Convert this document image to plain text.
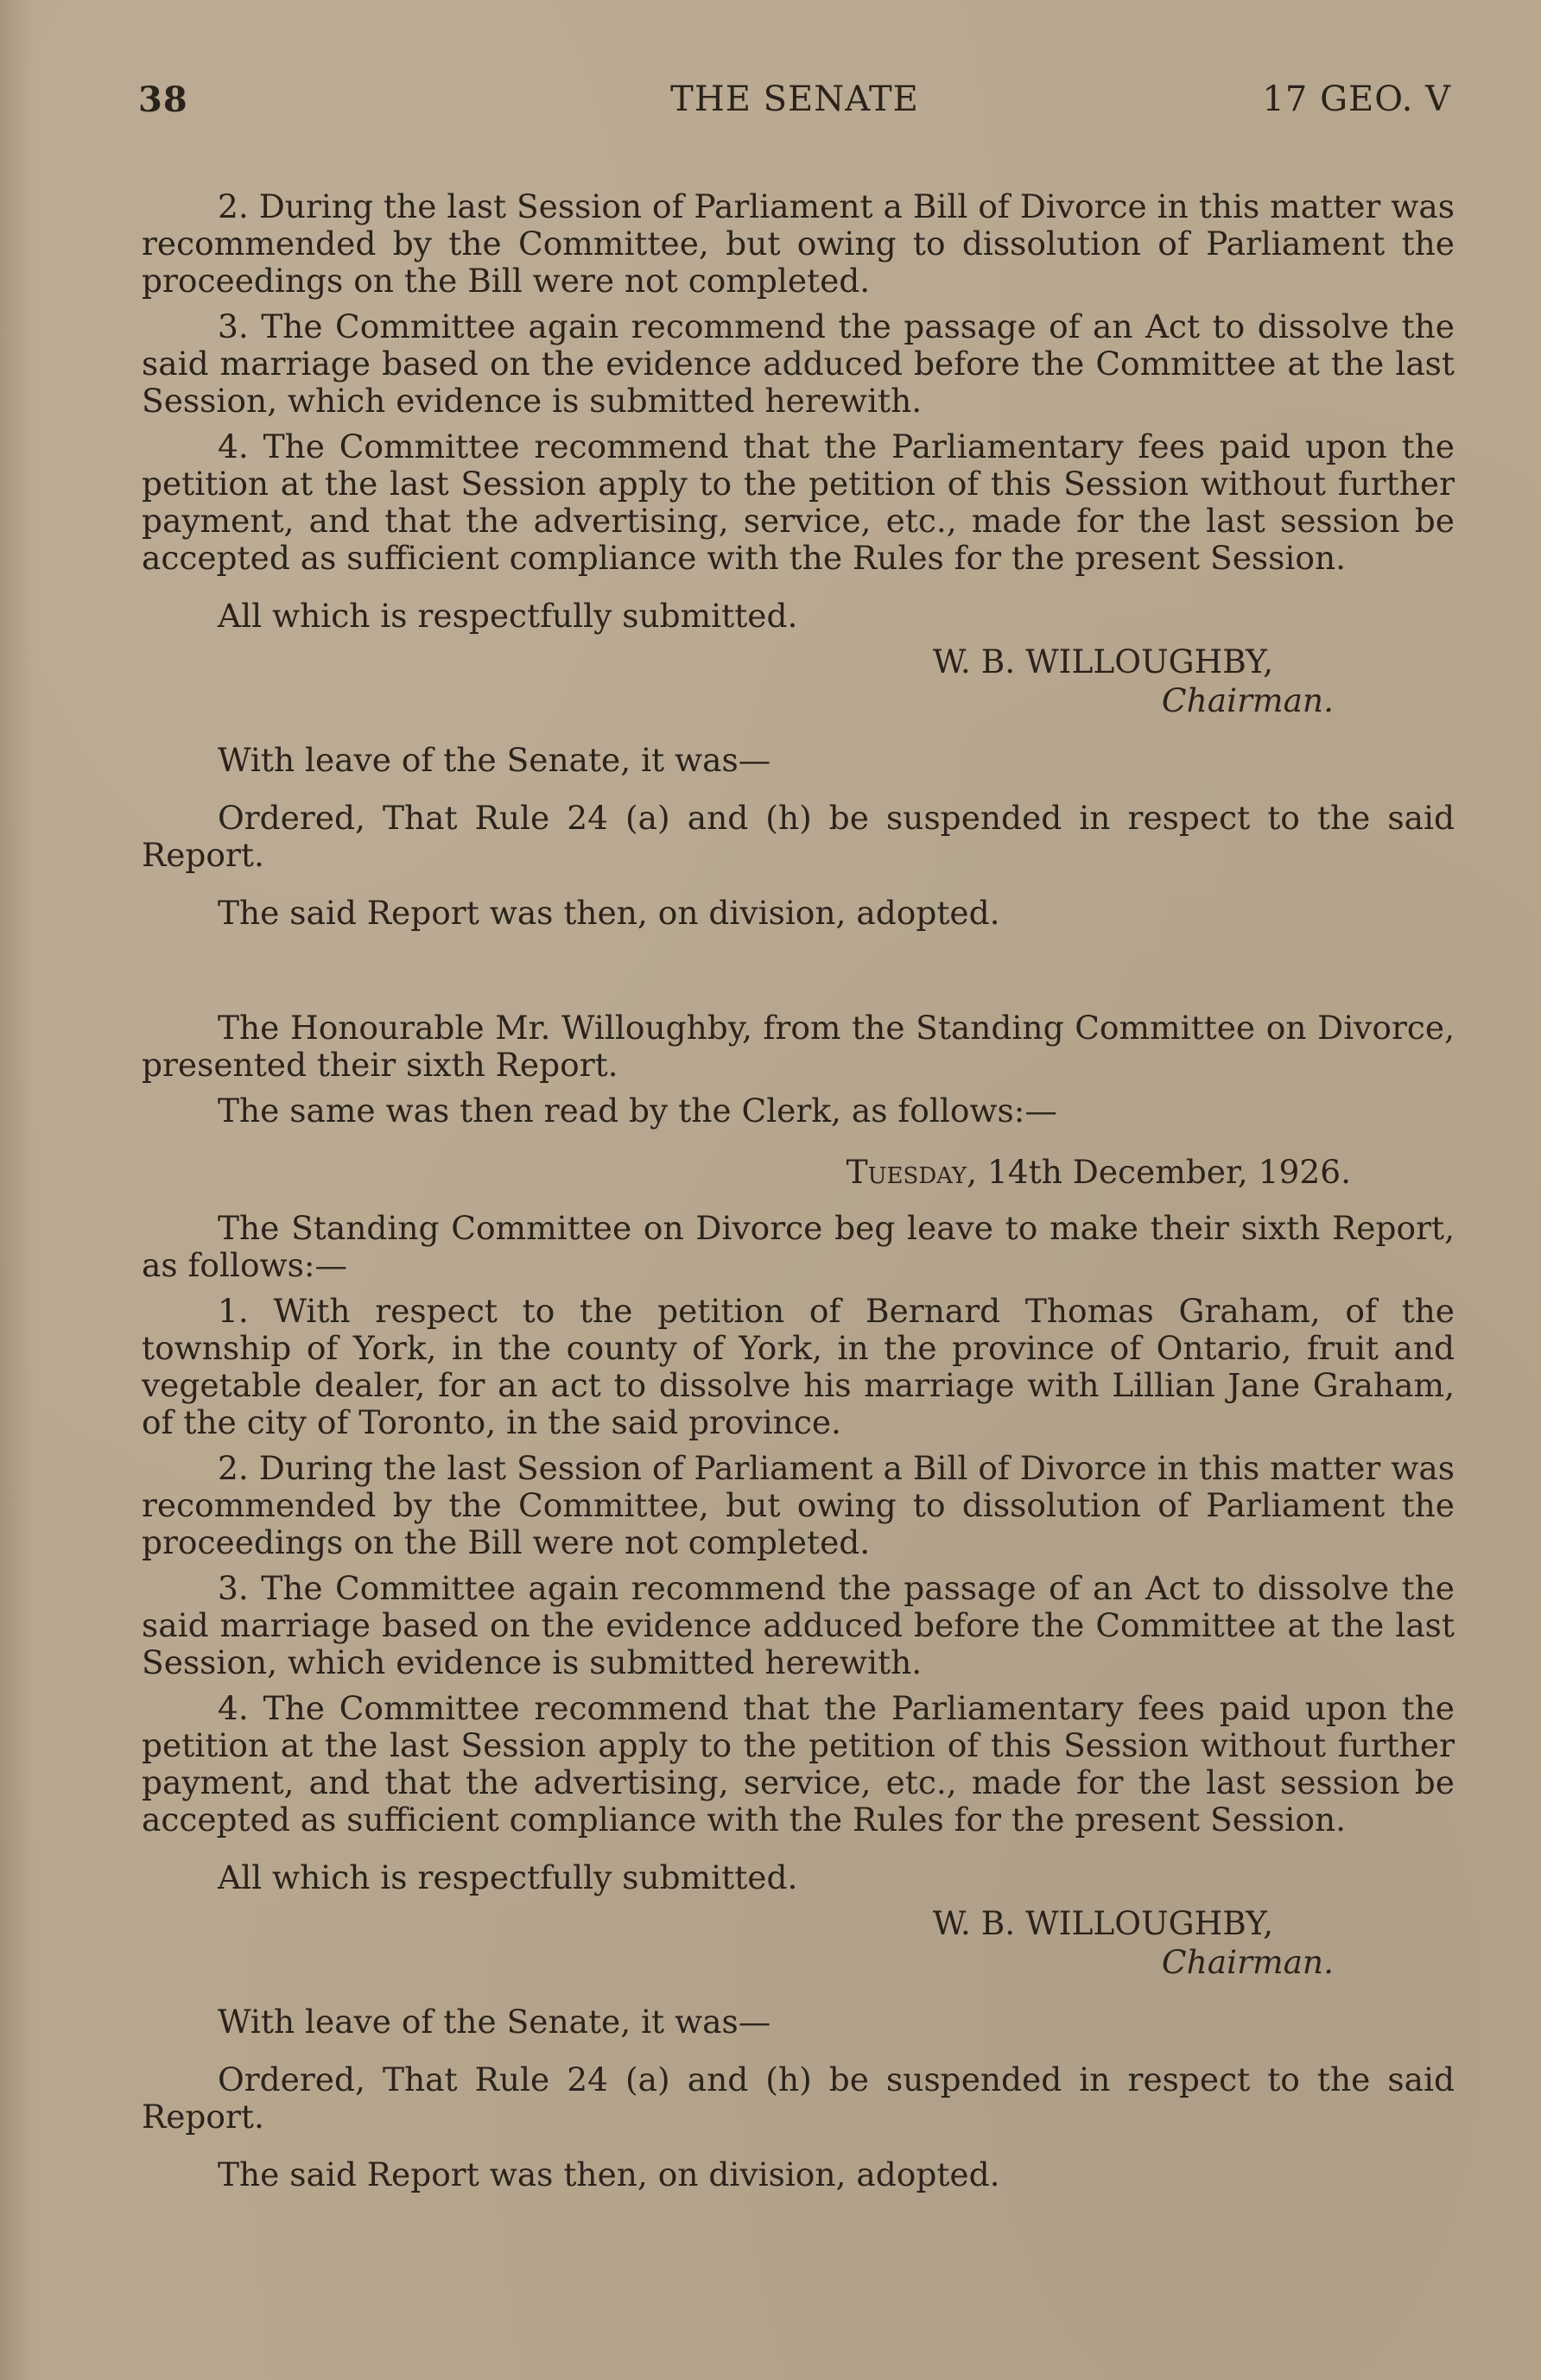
38	THE SENATE	17 GEO. V

2. During the last Session of Parliament a Bill of Divorce in this matter was recommended by the Committee, but owing to dissolution of Parliament the proceedings on the Bill were not completed.

3. The Committee again recommend the passage of an Act to dissolve the said marriage based on the evidence adduced before the Committee at the last Session, which evidence is submitted herewith.

4. The Committee recommend that the Parliamentary fees paid upon the petition at the last Session apply to the petition of this Session without further payment, and that the advertising, service, etc., made for the last session be accepted as sufficient compliance with the Rules for the present Session.

All which is respectfully submitted.

W. B. WILLOUGHBY,

Chairman.

With leave of the Senate, it was—

Ordered, That Rule 24 (a) and (h) be suspended in respect to the said Report.

The said Report was then, on division, adopted.

The Honourable Mr. Willoughby, from the Standing Committee on Divorce, presented their sixth Report.

The same was then read by the Clerk, as follows:—

Tuesday, 14th December, 1926.

The Standing Committee on Divorce beg leave to make their sixth Report, as follows:—

1. With respect to the petition of Bernard Thomas Graham, of the township of York, in the county of York, in the province of Ontario, fruit and vegetable dealer, for an act to dissolve his marriage with Lillian Jane Graham, of the city of Toronto, in the said province.

2. During the last Session of Parliament a Bill of Divorce in this matter was recommended by the Committee, but owing to dissolution of Parliament the proceedings on the Bill were not completed.

3. The Committee again recommend the passage of an Act to dissolve the said marriage based on the evidence adduced before the Committee at the last Session, which evidence is submitted herewith.

4. The Committee recommend that the Parliamentary fees paid upon the petition at the last Session apply to the petition of this Session without further payment, and that the advertising, service, etc., made for the last session be accepted as sufficient compliance with the Rules for the present Session.

All which is respectfully submitted.

W. B. WILLOUGHBY,

Chairman.

With leave of the Senate, it was—

Ordered, That Rule 24 (a) and (h) be suspended in respect to the said Report.

The said Report was then, on division, adopted.
